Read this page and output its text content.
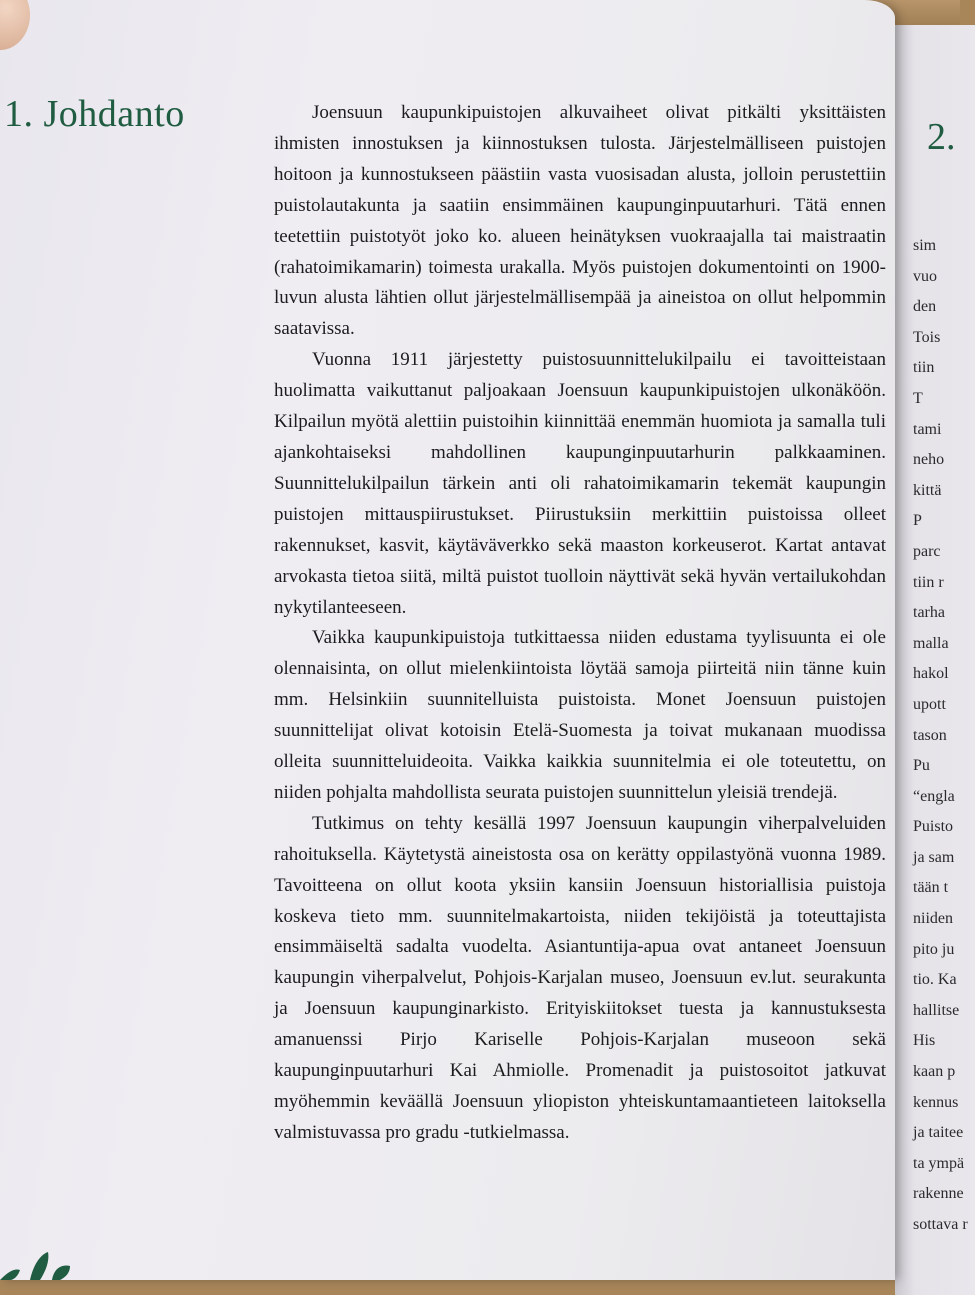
2.
sim
vuo
den
Tois
tiin
T
tami
neho
kittä
P
parc
tiin r
tarha
malla
hakol
upott
tason
Pu
“engla
Puisto
ja sam
tään t
niiden
pito ju
tio. Ka
hallitse
His
kaan p
kennus
ja taitee
ta ympä
rakenne
sottava r
1. Johdanto	Joensuun kaupunkipuistojen alkuvaiheet olivat pitkälti yksittäisten ihmisten innostuksen ja kiinnostuksen tulosta. Järjestelmälliseen puistojen hoitoon ja kunnostukseen päästiin vasta vuosisadan alusta, jolloin perustettiin puistolautakunta ja saatiin ensimmäinen kaupunginpuutarhuri. Tätä ennen teetettiin puistotyöt joko ko. alueen heinätyksen vuokraajalla tai maistraatin (rahatoimikamarin) toimesta urakalla. Myös puistojen dokumentointi on 1900-luvun alusta lähtien ollut järjestelmällisempää ja aineistoa on ollut helpommin saatavissa.

Vuonna 1911 järjestetty puistosuunnittelukilpailu ei tavoitteistaan huolimatta vaikuttanut paljoakaan Joensuun kaupunkipuistojen ulkonäköön. Kilpailun myötä alettiin puistoihin kiinnittää enemmän huomiota ja samalla tuli ajankohtaiseksi mahdollinen kaupunginpuutarhurin palkkaaminen. Suunnittelukilpailun tärkein anti oli rahatoimikamarin tekemät kaupungin puistojen mittauspiirustukset. Piirustuksiin merkittiin puistoissa olleet rakennukset, kasvit, käytäväverkko sekä maaston korkeuserot. Kartat antavat arvokasta tietoa siitä, miltä puistot tuolloin näyttivät sekä hyvän vertailukohdan nykytilanteeseen.

Vaikka kaupunkipuistoja tutkittaessa niiden edustama tyylisuunta ei ole olennaisinta, on ollut mielenkiintoista löytää samoja piirteitä niin tänne kuin mm. Helsinkiin suunnitelluista puistoista. Monet Joensuun puistojen suunnittelijat olivat kotoisin Etelä-Suomesta ja toivat mukanaan muodissa olleita suunnitteluideoita. Vaikka kaikkia suunnitelmia ei ole toteutettu, on niiden pohjalta mahdollista seurata puistojen suunnittelun yleisiä trendejä.

Tutkimus on tehty kesällä 1997 Joensuun kaupungin viherpalveluiden rahoituksella. Käytetystä aineistosta osa on kerätty oppilastyönä vuonna 1989. Tavoitteena on ollut koota yksiin kansiin Joensuun historiallisia puistoja koskeva tieto mm. suunnitelmakartoista, niiden tekijöistä ja toteuttajista ensimmäiseltä sadalta vuodelta. Asiantuntija-apua ovat antaneet Joensuun kaupungin viherpalvelut, Pohjois-Karjalan museo, Joensuun ev.lut. seurakunta ja Joensuun kaupunginarkisto. Erityiskiitokset tuesta ja kannustuksesta amanuenssi Pirjo Kariselle Pohjois-Karjalan museoon sekä kaupunginpuutarhuri Kai Ahmiolle. Promenadit ja puistosoitot jatkuvat myöhemmin keväällä Joensuun yliopiston yhteiskuntamaantieteen laitoksella valmistuvassa pro gradu -tutkielmassa.
